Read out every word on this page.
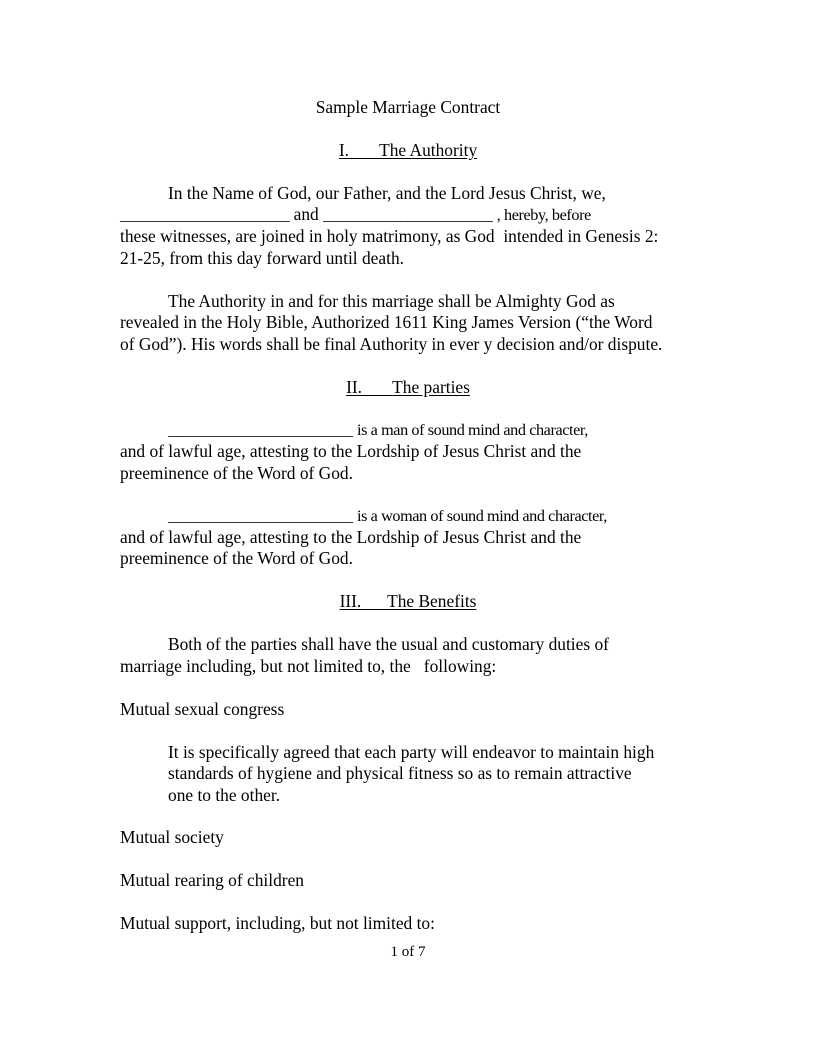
Sample Marriage Contract
I. The Authority
In the Name of God, our Father, and the Lord Jesus Christ, we,
______________________ and ______________________ , hereby, before
these witnesses, are joined in holy matrimony, as God  intended in Genesis 2:
21-25, from this day forward until death.
The Authority in and for this marriage shall be Almighty God as
revealed in the Holy Bible, Authorized 1611 King James Version (“the Word
of God”). His words shall be final Authority in ever y decision and/or dispute.
II. The parties
________________________ is a man of sound mind and character,
and of lawful age, attesting to the Lordship of Jesus Christ and the
preeminence of the Word of God.
________________________ is a woman of sound mind and character,
and of lawful age, attesting to the Lordship of Jesus Christ and the
preeminence of the Word of God.
III. The Benefits
Both of the parties shall have the usual and customary duties of
marriage including, but not limited to, the   following:
Mutual sexual congress
It is specifically agreed that each party will endeavor to maintain high
standards of hygiene and physical fitness so as to remain attractive
one to the other.
Mutual society
Mutual rearing of children
Mutual support, including, but not limited to:
1 of 7
